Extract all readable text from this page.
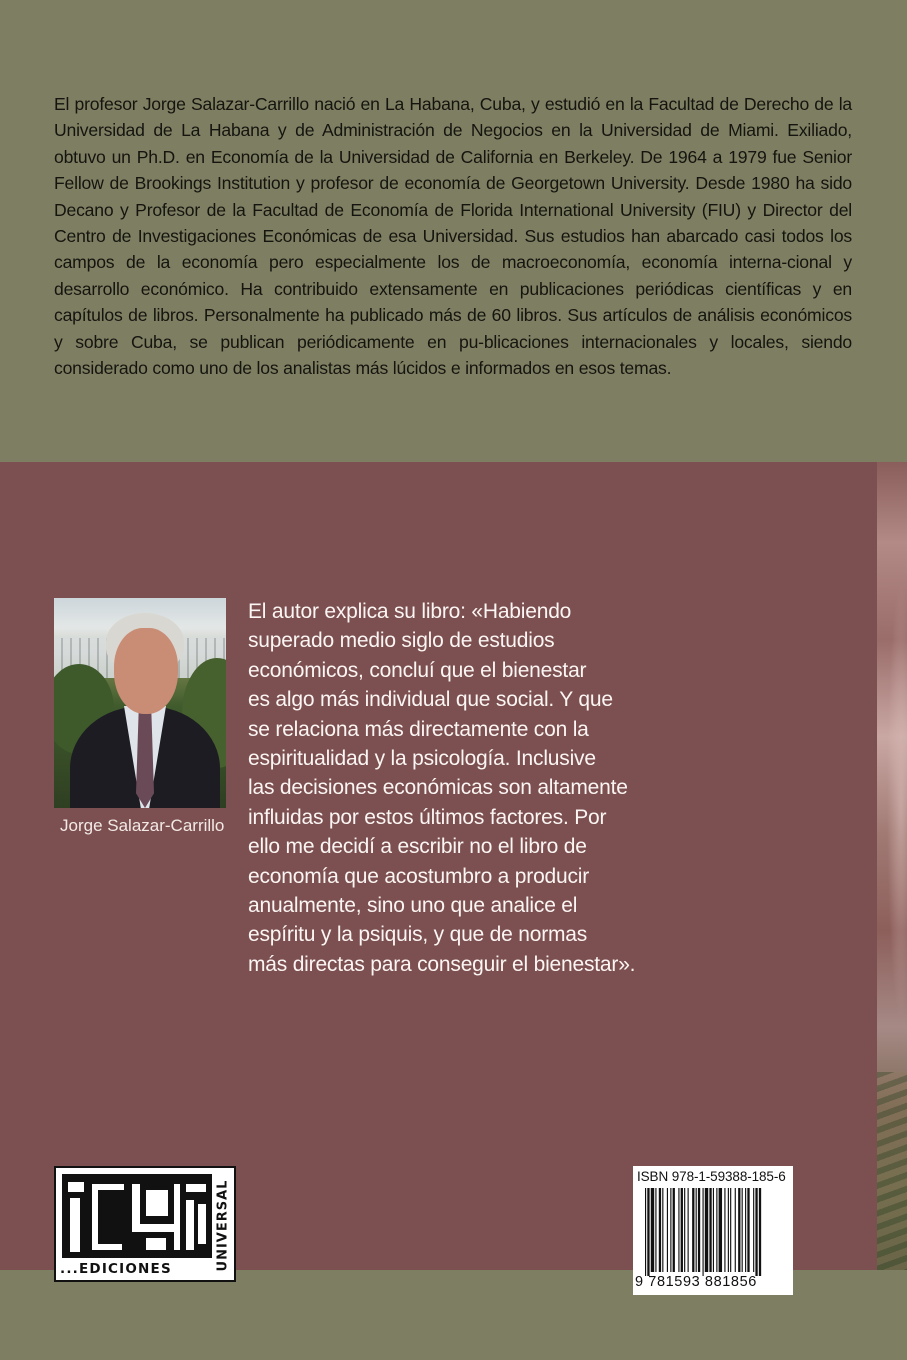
El profesor Jorge Salazar-Carrillo nació en La Habana, Cuba, y estudió en la Facultad de Derecho de la Universidad de La Habana y de Administración de Negocios en la Universidad de Miami. Exiliado, obtuvo un Ph.D. en Economía de la Universidad de California en Berkeley. De 1964 a 1979 fue Senior Fellow de Brookings Institution y profesor de economía de Georgetown University. Desde 1980 ha sido Decano y Profesor de la Facultad de Economía de Florida International University (FIU) y Director del Centro de Investigaciones Económicas de esa Universidad. Sus estudios han abarcado casi todos los campos de la economía pero especialmente los de macroeconomía, economía interna-cional y desarrollo económico. Ha contribuido extensamente en publicaciones periódicas científicas y en capítulos de libros. Personalmente ha publicado más de 60 libros. Sus artículos de análisis económicos y sobre Cuba, se publican periódicamente en pu-blicaciones internacionales y locales, siendo considerado como uno de los analistas más lúcidos e informados en esos temas.
Jorge Salazar-Carrillo
El autor explica su libro: «Habiendo
superado medio siglo de estudios
económicos, concluí que el bienestar
es algo más individual que social. Y que
se relaciona más directamente con la
espiritualidad y la psicología. Inclusive
las decisiones económicas son altamente
influidas por estos últimos factores. Por
ello me decidí a escribir no el libro de
economía que acostumbro a producir
anualmente, sino uno que analice el
espíritu y la psiquis, y que de normas
más directas para conseguir el bienestar».
UNIVERSAL
...EDICIONES
ISBN 978-1-59388-185-6
9 781593 881856
